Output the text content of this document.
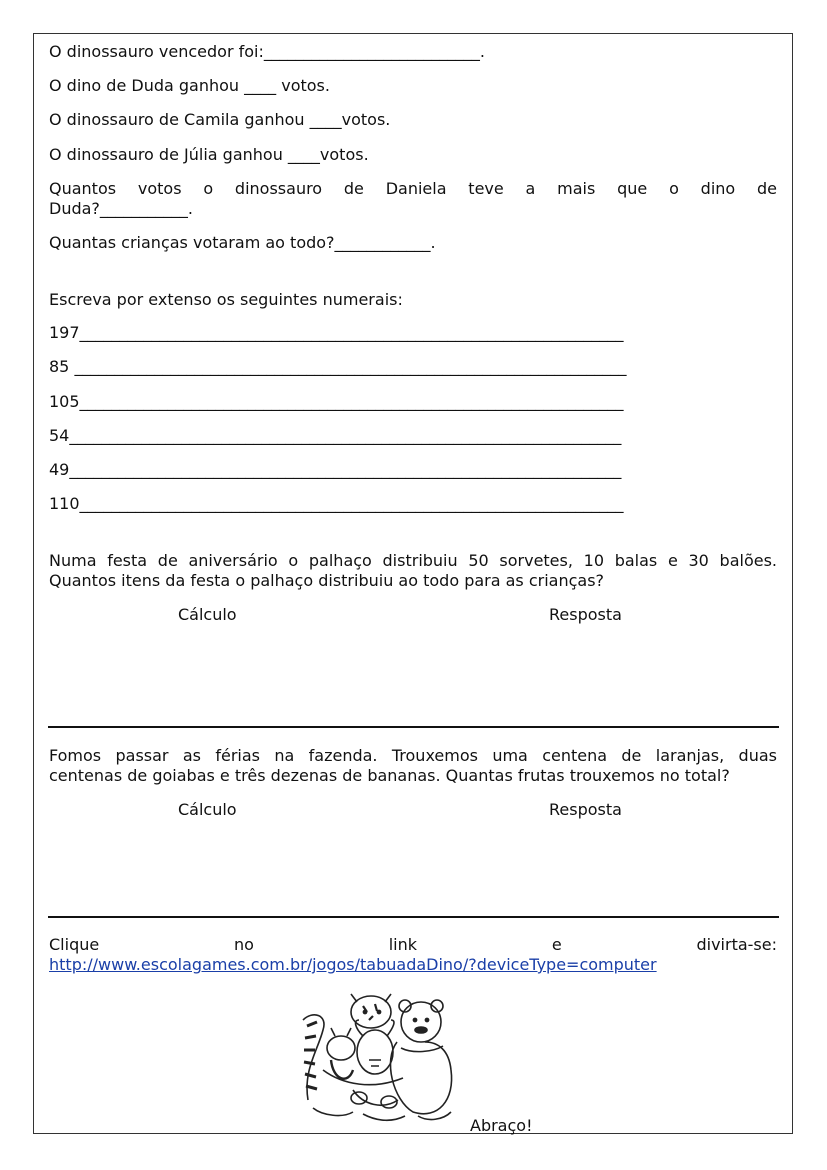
O dinossauro vencedor foi:___________________________.
O dino de Duda ganhou ____ votos.
O dinossauro de Camila ganhou ____votos.
O dinossauro de Júlia ganhou ____votos.
Quantos votos o dinossauro de Daniela teve a mais que o dino de
Duda?___________.
Quantas crianças votaram ao todo?____________.
Escreva por extenso os seguintes numerais:
197____________________________________________________________________
85 _____________________________________________________________________
105____________________________________________________________________
54_____________________________________________________________________
49_____________________________________________________________________
110____________________________________________________________________
Numa festa de aniversário o palhaço distribuiu 50 sorvetes, 10 balas e 30 balões.
Quantos itens da festa o palhaço distribuiu ao todo para as crianças?
Cálculo	Resposta
Fomos passar as férias na fazenda. Trouxemos uma centena de laranjas, duas
centenas de goiabas e três dezenas de bananas. Quantas frutas trouxemos no total?
Cálculo	Resposta
Clique no link e divirta-se:
http://www.escolagames.com.br/jogos/tabuadaDino/?deviceType=computer
Abraço!
